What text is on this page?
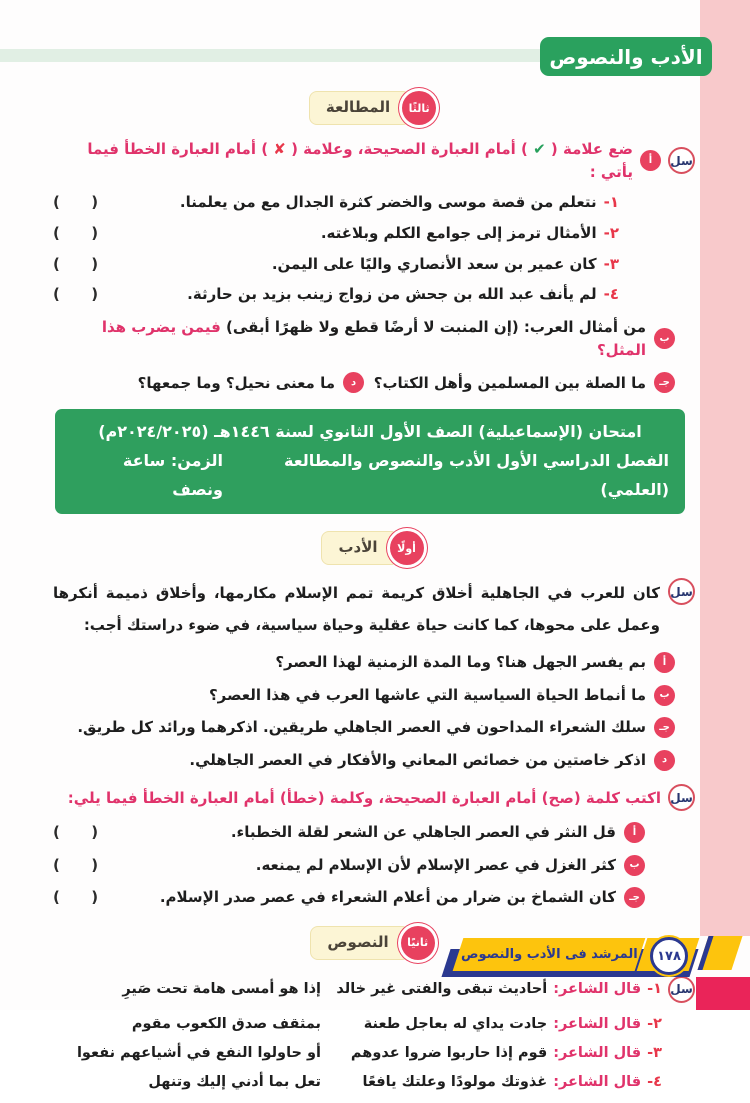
الأدب والنصوص
ثالثًا
المطالعة
سل
أ
ضع علامة ( ✔ ) أمام العبارة الصحيحة، وعلامة ( ✘ ) أمام العبارة الخطأ فيما يأتي :
١-
نتعلم من قصة موسى والخضر كثرة الجدال مع من يعلمنا.
(      )
٢-
الأمثال ترمز إلى جوامع الكلم وبلاغته.
(      )
٣-
كان عمير بن سعد الأنصاري واليًا على اليمن.
(      )
٤-
لم يأنف عبد الله بن جحش من زواج زينب بزيد بن حارثة.
(      )
ب
من أمثال العرب: (إن المنبت لا أرضًا قطع ولا ظهرًا أبقى) فيمن يضرب هذا المثل؟
جـ
ما الصلة بين المسلمين وأهل الكتاب؟
د
ما معنى نحيل؟ وما جمعها؟
امتحان (الإسماعيلية) الصف الأول الثانوي لسنة ١٤٤٦هـ (٢٠٢٤/٢٠٢٥م)
الفصل الدراسي الأول الأدب والنصوص والمطالعة (العلمي)
الزمن: ساعة ونصف
أولًا
الأدب
سل
كان للعرب في الجاهلية أخلاق كريمة تمم الإسلام مكارمها، وأخلاق ذميمة أنكرها وعمل على محوها، كما كانت حياة عقلية وحياة سياسية، في ضوء دراستك أجب:
أ
بم يفسر الجهل هنا؟ وما المدة الزمنية لهذا العصر؟
ب
ما أنماط الحياة السياسية التي عاشها العرب في هذا العصر؟
جـ
سلك الشعراء المداحون في العصر الجاهلي طريقين. اذكرهما ورائد كل طريق.
د
اذكر خاصتين من خصائص المعاني والأفكار في العصر الجاهلي.
سل
اكتب كلمة (صح) أمام العبارة الصحيحة، وكلمة (خطأ) أمام العبارة الخطأ فيما يلي:
أ
قل النثر في العصر الجاهلي عن الشعر لقلة الخطباء.
(      )
ب
كثر الغزل في عصر الإسلام لأن الإسلام لم يمنعه.
(      )
جـ
كان الشماخ بن ضرار من أعلام الشعراء في عصر صدر الإسلام.
(      )
ثانيًا
النصوص
سل
١-
قال الشاعر:
أحاديث تبقى والفتى غير خالد
إذا هو أمسى هامة تحت صَيرِ
٢-
قال الشاعر:
جادت يداي له بعاجل طعنة
بمثقف صدق الكعوب مقوم
٣-
قال الشاعر:
قوم إذا حاربوا ضروا عدوهم
أو حاولوا النفع في أشياعهم نفعوا
٤-
قال الشاعر:
غذوتك مولودًا وعلتك يافعًا
تعل بما أدني إليك وتنهل
المرشد فى الأدب والنصوص	١٧٨
